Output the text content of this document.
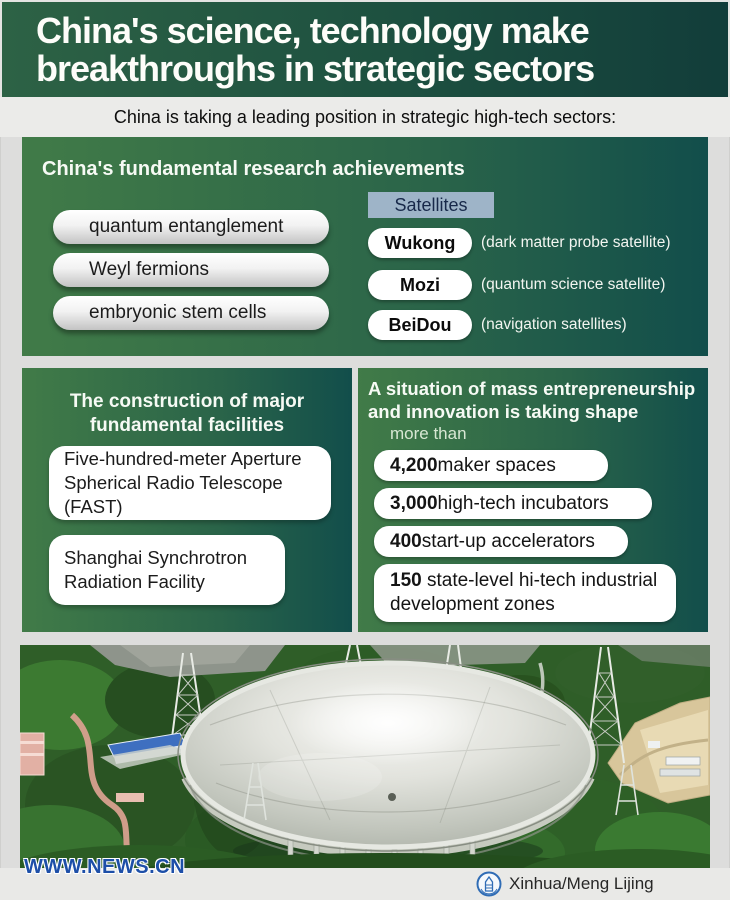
China's science, technology make
breakthroughs in strategic sectors
China is taking a leading position in strategic high-tech sectors:
China's fundamental research achievements
quantum entanglement
Weyl fermions
embryonic stem cells
Satellites
Wukong	(dark matter probe satellite)
Mozi	(quantum science satellite)
BeiDou	(navigation satellites)
The construction of major
fundamental facilities
Five-hundred-meter Aperture Spherical Radio Telescope (FAST)
Shanghai Synchrotron Radiation Facility
A situation of mass entrepreneurship
and innovation is taking shape
more than
4,200 maker spaces
3,000 high-tech incubators
400 start-up accelerators
150 state-level hi-tech industrial development zones
WWW.NEWS.CN
Xinhua/Meng Lijing
